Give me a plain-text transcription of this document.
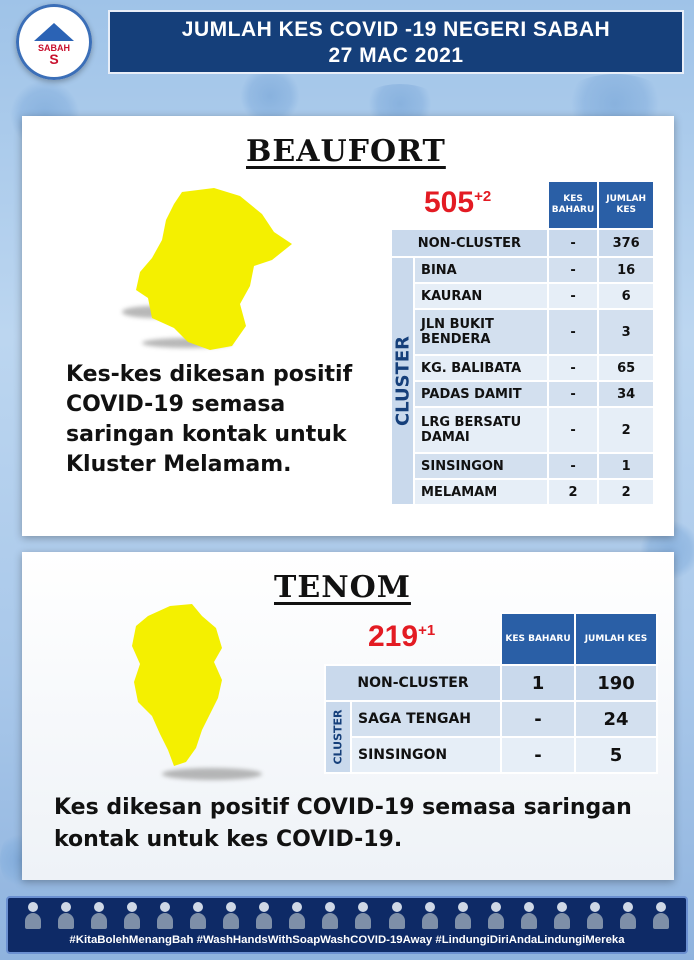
SABAH
S
JUMLAH KES COVID -19 NEGERI SABAH
27 MAC 2021
BEAUFORT
$505^{+2}$
		KES BAHARU	JUMLAH KES
NON-CLUSTER		-	376

CLUSTER	BINA	-	16
	KAURAN	-	6
	JLN BUKIT BENDERA	-	3
	KG. BALIBATA	-	65
	PADAS DAMIT	-	34
	LRG BERSATU DAMAI	-	2
	SINSINGON	-	1
	MELAMAM	2	2
Kes-kes dikesan positif COVID-19 semasa saringan kontak untuk Kluster Melamam.
TENOM
$219^{+1}$
		KES BAHARU	JUMLAH KES
NON-CLUSTER		1	190

CLUSTER	SAGA TENGAH	-	24
	SINSINGON	-	5
Kes dikesan positif COVID-19 semasa saringan kontak untuk kes COVID-19.
#KitaBolehMenangBah #WashHandsWithSoapWashCOVID-19Away #LindungiDiriAndaLindungiMereka
